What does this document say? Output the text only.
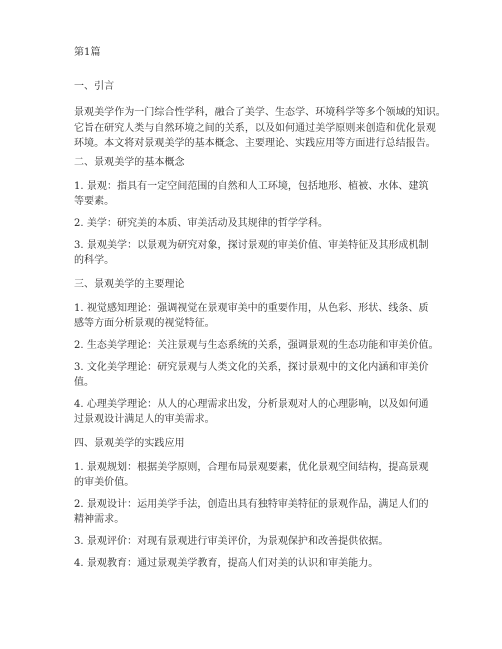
第1篇
一、引言
景观美学作为一门综合性学科，融合了美学、生态学、环境科学等多个领域的知识。
它旨在研究人类与自然环境之间的关系，以及如何通过美学原则来创造和优化景观
环境。本文将对景观美学的基本概念、主要理论、实践应用等方面进行总结报告。
二、景观美学的基本概念
1. 景观：指具有一定空间范围的自然和人工环境，包括地形、植被、水体、建筑
等要素。
2. 美学：研究美的本质、审美活动及其规律的哲学学科。
3. 景观美学：以景观为研究对象，探讨景观的审美价值、审美特征及其形成机制
的科学。
三、景观美学的主要理论
1. 视觉感知理论：强调视觉在景观审美中的重要作用，从色彩、形状、线条、质
感等方面分析景观的视觉特征。
2. 生态美学理论：关注景观与生态系统的关系，强调景观的生态功能和审美价值。
3. 文化美学理论：研究景观与人类文化的关系，探讨景观中的文化内涵和审美价
值。
4. 心理美学理论：从人的心理需求出发，分析景观对人的心理影响，以及如何通
过景观设计满足人的审美需求。
四、景观美学的实践应用
1. 景观规划：根据美学原则，合理布局景观要素，优化景观空间结构，提高景观
的审美价值。
2. 景观设计：运用美学手法，创造出具有独特审美特征的景观作品，满足人们的
精神需求。
3. 景观评价：对现有景观进行审美评价，为景观保护和改善提供依据。
4. 景观教育：通过景观美学教育，提高人们对美的认识和审美能力。
